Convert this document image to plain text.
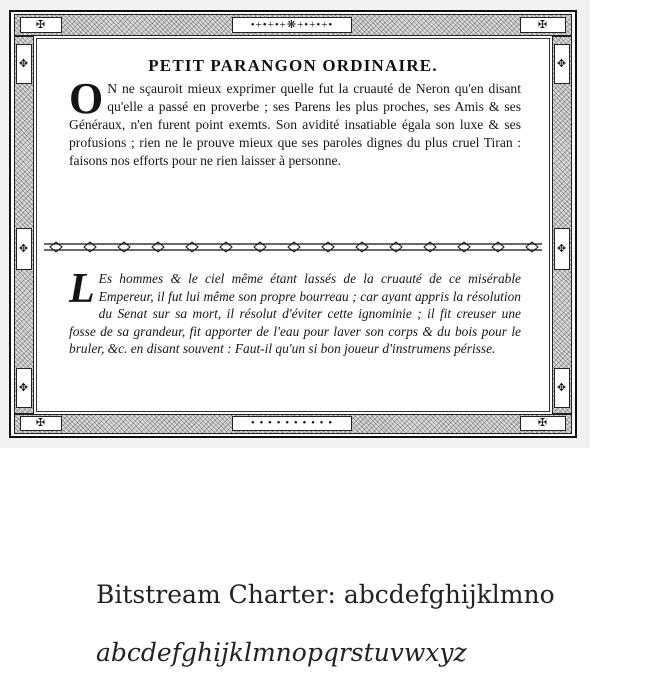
✠	•+•+•+❋+•+•+•	✠
✠	• • • • • • • • • •	✠
✥
✥
✥
✥
✥
✥
PETIT PARANGON ORDINAIRE.
O N ne sçauroit mieux exprimer quelle fut la cruauté de Neron qu'en disant qu'elle a passé en proverbe ; ses Parens les plus proches, ses Amis & ses Généraux, n'en furent point exemts. Son avidité insatiable égala son luxe & ses profusions ; rien ne le prouve mieux que ses paroles dignes du plus cruel Tiran : faisons nos efforts pour ne rien laisser à personne.
L Es hommes & le ciel même étant lassés de la cruauté de ce misérable Empereur, il fut lui même son propre bourreau ; car ayant appris la résolution du Senat sur sa mort, il résolut d'éviter cette ignominie ; il fit creuser une fosse de sa grandeur, fit apporter de l'eau pour laver son corps & du bois pour le bruler, &c. en disant souvent : Faut-il qu'un si bon joueur d'instrumens périsse.
Bitstream Charter: abcdefghijklmno
abcdefghijklmnopqrstuvwxyz
